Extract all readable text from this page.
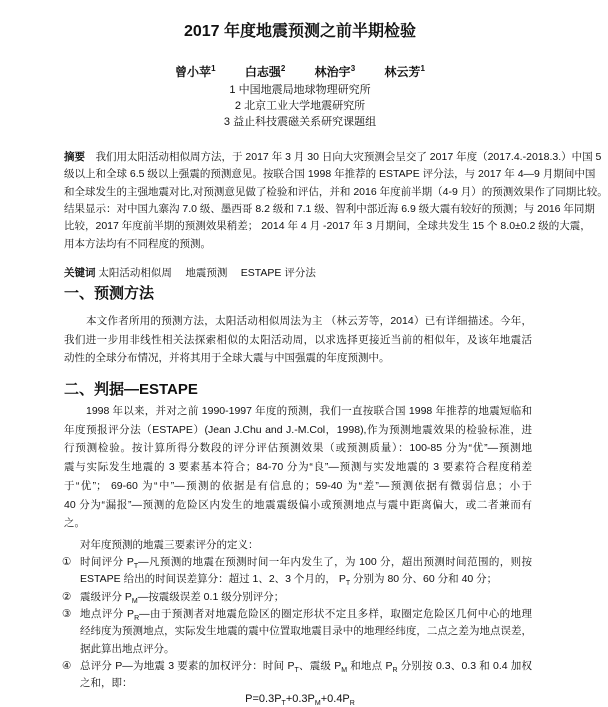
2017 年度地震预测之前半期检验
曾小苹$^1$ 白志强$^2$ 林治宇$^3$ 林云芳$^1$
1 中国地震局地球物理研究所
2 北京工业大学地震研究所
3 益止科技震磁关系研究课题组
摘要　我们用太阳活动相似周方法，于 2017 年 3 月 30 日向大灾预测会呈交了 2017 年度（2017.4.-2018.3.）中国 5
级以上和全球 6.5 级以上强震的预测意见。按联合国 1998 年推荐的 ESTAPE 评分法，与 2017 年 4—9 月期间中国
和全球发生的主强地震对比,对预测意见做了检验和评估，并和 2016 年度前半期（4-9 月）的预测效果作了同期比较。
结果显示：对中国九寨沟 7.0 级、墨西哥 8.2 级和 7.1 级、智利中部近海 6.9 级大震有较好的预测；与 2016 年同期
比较，2017 年度前半期的预测效果稍差； 2014 年 4 月 -2017 年 3 月期间，全球共发生 15 个 8.0±0.2 级的大震，
用本方法均有不同程度的预测。
关键词 太阳活动相似周　 地震预测　 ESTAPE 评分法
一、预测方法
本文作者所用的预测方法，太阳活动相似周法为主 （林云芳等，2014）已有详细描述。今年，
我们进一步用非线性相关法探索相似的太阳活动周，以求选择更接近当前的相似年，及该年地震活
动性的全球分布情况，并将其用于全球大震与中国强震的年度预测中。
二、判据—ESTAPE
1998 年以来，并对之前 1990-1997 年度的预测，我们一直按联合国 1998 年推荐的地震短临和
年度预报评分法（ESTAPE）(Jean J.Chu and J.-M.Col，1998),作为预测地震效果的检验标准，进
行预测检验。按计算所得分数段的评分评估预测效果（或预测质量）：100-85 分为“优”—预测地
震与实际发生地震的 3 要素基本符合；84-70 分为“良”—预测与实发地震的 3 要素符合程度稍差
于“优”； 69-60 为“中”—预测的依据是有信息的；59-40 为“差”—预测依据有微弱信息；小于
40 分为“漏报”—预测的危险区内发生的地震震级偏小或预测地点与震中距离偏大，或二者兼而有
之。
对年度预测的地震三要素评分的定义：
① 时间评分 $P_T—$凡预测的地震在预测时间一年内发生了，为 100 分，超出预测时间范围的，则按
ESTAPE 给出的时间误差算分：超过 1、2、3 个月的， $P_T$ 分别为 80 分、60 分和 40 分；
② 震级评分 $P_M—$按震级误差 0.1 级分别评分；
③ 地点评分 $P_R—$由于预测者对地震危险区的圈定形状不定且多样，取圈定危险区几何中心的地理
经纬度为预测地点，实际发生地震的震中位置取地震目录中的地理经纬度，二点之差为地点误差，
据此算出地点评分。
④ 总评分 P—为地震 3 要素的加权评分：时间 $P_T$、震级 $P_M$ 和地点 $P_R$ 分别按 0.3、0.3 和 0.4 加权
之和，即：
$P=0.3P_T+0.3P_M+0.4P_R$
